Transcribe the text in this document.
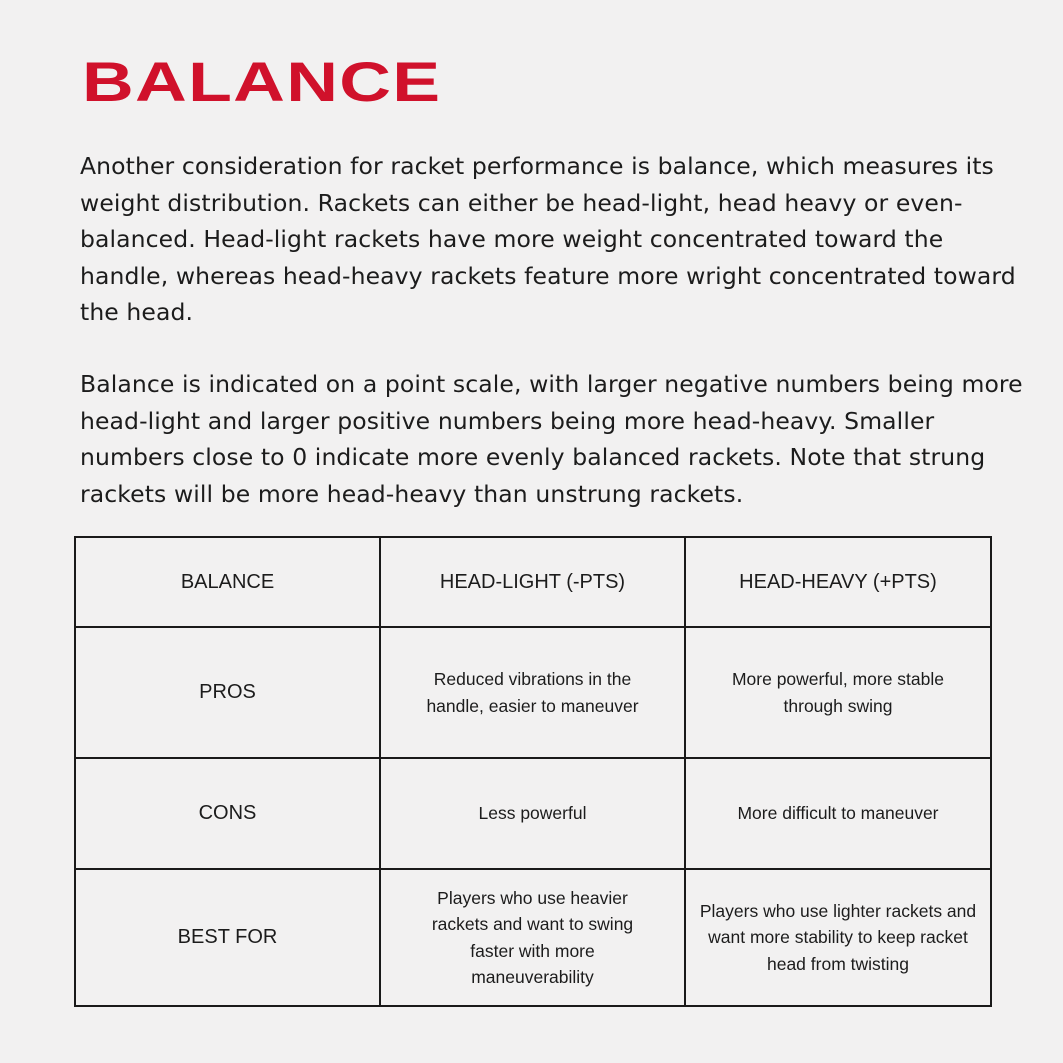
BALANCE

Another consideration for racket performance is balance, which measures its weight distribution. Rackets can either be head-light, head heavy or even-balanced. Head-light rackets have more weight concentrated toward the handle, whereas head-heavy rackets feature more wright concentrated toward the head.

Balance is indicated on a point scale, with larger negative numbers being more head-light and larger positive numbers being more head-heavy. Smaller numbers close to 0 indicate more evenly balanced rackets. Note that strung rackets will be more head-heavy than unstrung rackets.

BALANCE	HEAD-LIGHT (-PTS)	HEAD-HEAVY (+PTS)
PROS	Reduced vibrations in the handle, easier to maneuver	More powerful, more stable through swing
CONS	Less powerful	More difficult to maneuver
BEST FOR	Players who use heavier rackets and want to swing faster with more maneuverability	Players who use lighter rackets and want more stability to keep racket head from twisting
